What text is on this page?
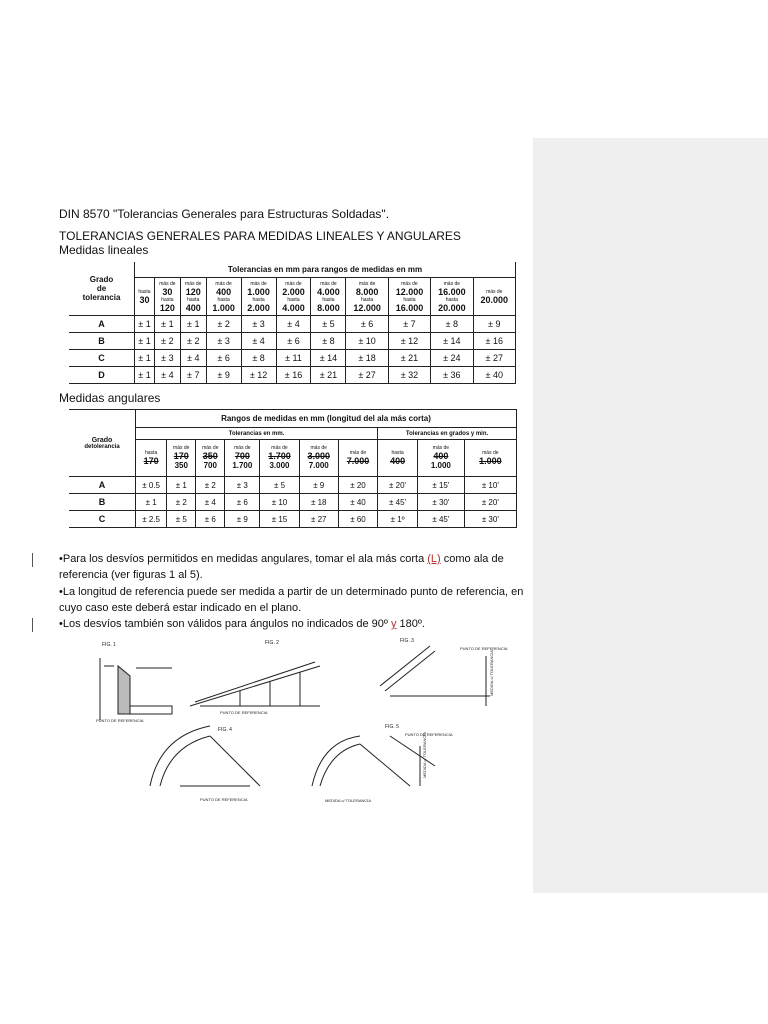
DIN 8570 "Tolerancias Generales para Estructuras Soldadas".
TOLERANCIAS GENERALES PARA MEDIDAS LINEALES Y ANGULARES
Medidas lineales
Grado
de
tolerancia	Tolerancias en mm para rangos de medidas en mm										

	hasta
30	más de
30
hasta
120	más de
120
hasta
400	más de
400
hasta
1.000	más de
1.000
hasta
2.000	más de
2.000
hasta
4.000	más de
4.000
hasta
8.000	más de
8.000
hasta
12.000	más de
12.000
hasta
16.000	más de
16.000
hasta
20.000	más de
20.000

A	± 1	± 1	± 1	± 2	± 3	± 4	± 5	± 6	± 7	± 8	± 9
B	± 1	± 2	± 2	± 3	± 4	± 6	± 8	± 10	± 12	± 14	± 16
C	± 1	± 3	± 4	± 6	± 8	± 11	± 14	± 18	± 21	± 24	± 27
D	± 1	± 4	± 7	± 9	± 12	± 16	± 21	± 27	± 32	± 36	± 40
Medidas angulares
Grado
detolerancia	Rangos de medidas en mm (longitud del ala más corta)									
	Tolerancias en mm.							Tolerancias en grados y min.		

	hasta
170	más de
170
350	más de
350
700	más de
700
1.700	más de
1.700
3.000	más de
3.000
7.000	más de
7.000	hasta
400	más de
400
1.000	más de
1.000

A	± 0.5	± 1	± 2	± 3	± 5	± 9	± 20	± 20'	± 15'	± 10'
B	± 1	± 2	± 4	± 6	± 10	± 18	± 40	± 45'	± 30'	± 20'
C	± 2.5	± 5	± 6	± 9	± 15	± 27	± 60	± 1º	± 45'	± 30'
•Para los desvíos permitidos en medidas angulares, tomar el ala más corta (L) como ala de referencia (ver figuras 1 al 5).
•La longitud de referencia puede ser medida a partir de un determinado punto de referencia, en cuyo caso este deberá estar indicado en el plano.
•Los desvíos también son válidos para ángulos no indicados de 90º y 180º.
FIG. 1
PUNTO DE REFERENCIA
FIG. 2
PUNTO DE REFERENCIA
FIG. 3
PUNTO DE REFERENCIA
MEDIDA c/ TOLERANCIA
FIG. 4
PUNTO DE REFERENCIA
FIG. 5
PUNTO DE REFERENCIA
MEDIDA c/ TOLERANCIA
MEDIDA c/ TOLERANCIA
